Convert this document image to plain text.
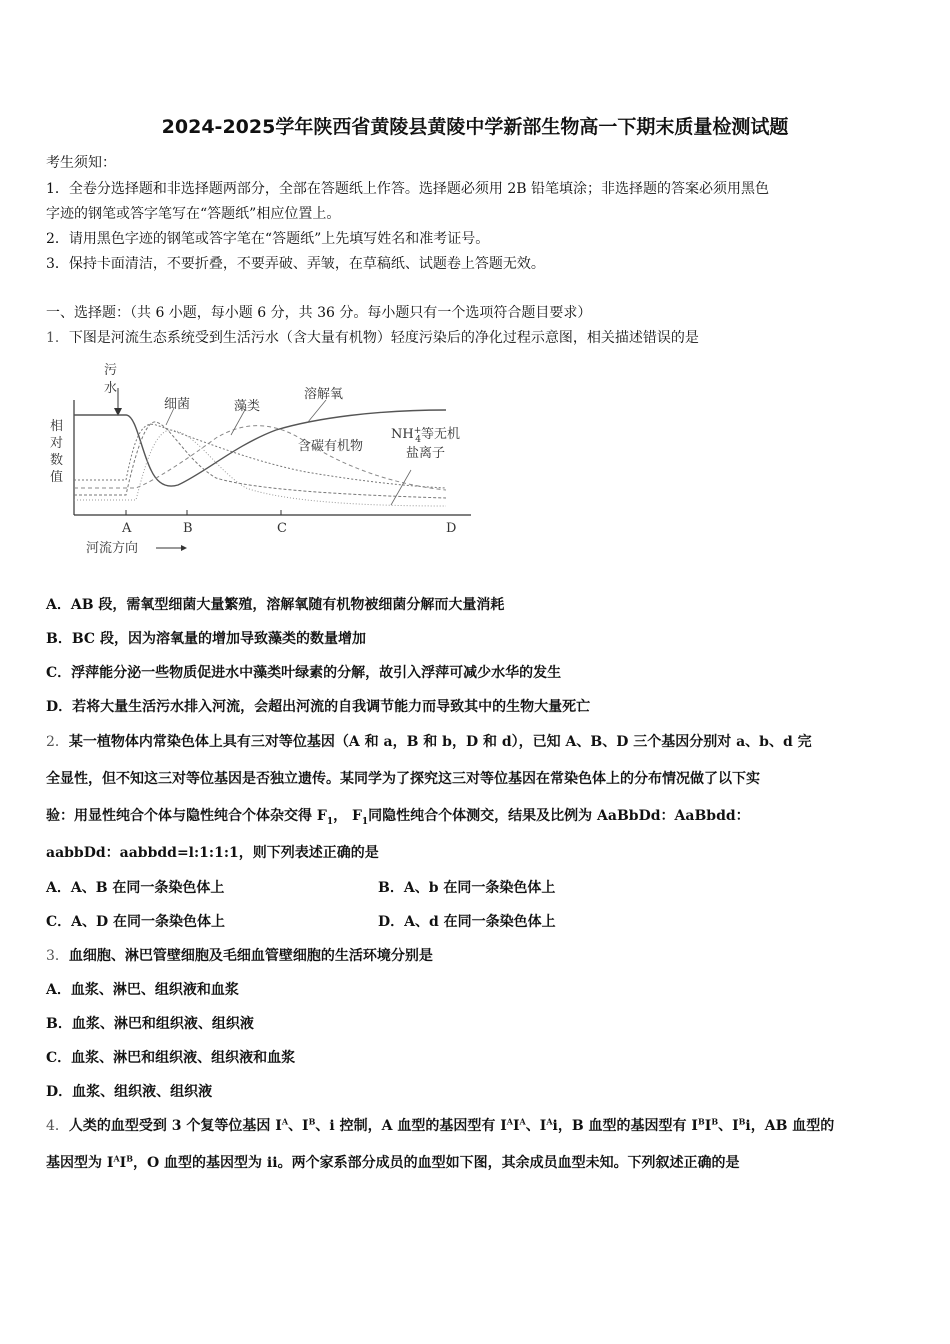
2024-2025学年陕西省黄陵县黄陵中学新部生物高一下期末质量检测试题
考生须知：
1．全卷分选择题和非选择题两部分，全部在答题纸上作答。选择题必须用 2B 铅笔填涂；非选择题的答案必须用黑色
字迹的钢笔或答字笔写在“答题纸”相应位置上。
2．请用黑色字迹的钢笔或答字笔在“答题纸”上先填写姓名和准考证号。
3．保持卡面清洁，不要折叠，不要弄破、弄皱，在草稿纸、试题卷上答题无效。
一、选择题：（共 6 小题，每小题 6 分，共 36 分。每小题只有一个选项符合题目要求）
1．下图是河流生态系统受到生活污水（含大量有机物）轻度污染后的净化过程示意图，相关描述错误的是
污
水
相
对
数
值
细菌	藻类
溶解氧
含碳有机物
NH+ 4等无机
盐离子
A	B	C	D
河流方向
A．AB 段，需氧型细菌大量繁殖，溶解氧随有机物被细菌分解而大量消耗
B．BC 段，因为溶氧量的增加导致藻类的数量增加
C．浮萍能分泌一些物质促进水中藻类叶绿素的分解，故引入浮萍可减少水华的发生
D．若将大量生活污水排入河流，会超出河流的自我调节能力而导致其中的生物大量死亡
2．某一植物体内常染色体上具有三对等位基因（A 和 a，B 和 b，D 和 d），已知 A、B、D 三个基因分别对 a、b、d 完
全显性，但不知这三对等位基因是否独立遗传。某同学为了探究这三对等位基因在常染色体上的分布情况做了以下实
验：用显性纯合个体与隐性纯合个体杂交得 $F_1$， $F_1$同隐性纯合个体测交，结果及比例为 AaBbDd：AaBbdd：
aabbDd：aabbdd=l:1:1:1，则下列表述正确的是
A．A、B 在同一条染色体上	B．A、b 在同一条染色体上
C．A、D 在同一条染色体上	D．A、d 在同一条染色体上
3．血细胞、淋巴管壁细胞及毛细血管壁细胞的生活环境分别是
A．血浆、淋巴、组织液和血浆
B．血浆、淋巴和组织液、组织液
C．血浆、淋巴和组织液、组织液和血浆
D．血浆、组织液、组织液
4．人类的血型受到 3 个复等位基因 $I^A$、$I^B$、i 控制，A 血型的基因型有 $I^AI^A$、$I^Ai$，B 血型的基因型有 $I^BI^B$、$I^Bi$，AB 血型的
基因型为 $I^AI^B$，O 血型的基因型为 ii。两个家系部分成员的血型如下图，其余成员血型未知。下列叙述正确的是
